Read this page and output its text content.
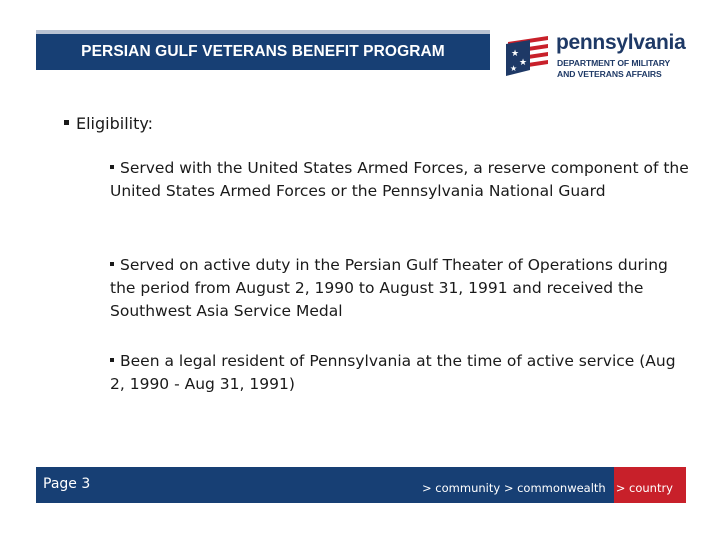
PERSIAN GULF VETERANS BENEFIT PROGRAM	★
★
★
pennsylvania
DEPARTMENT OF MILITARY
AND VETERANS AFFAIRS
Eligibility:
Served with the United States Armed Forces, a reserve component of the United States Armed Forces or the Pennsylvania National Guard
Served on active duty in the Persian Gulf Theater of Operations during the period from August 2, 1990 to August 31, 1991 and received the Southwest Asia Service Medal
Been a legal resident of Pennsylvania at the time of active service (Aug 2, 1990 - Aug 31, 1991)
Page 3	> community > commonwealth > country
